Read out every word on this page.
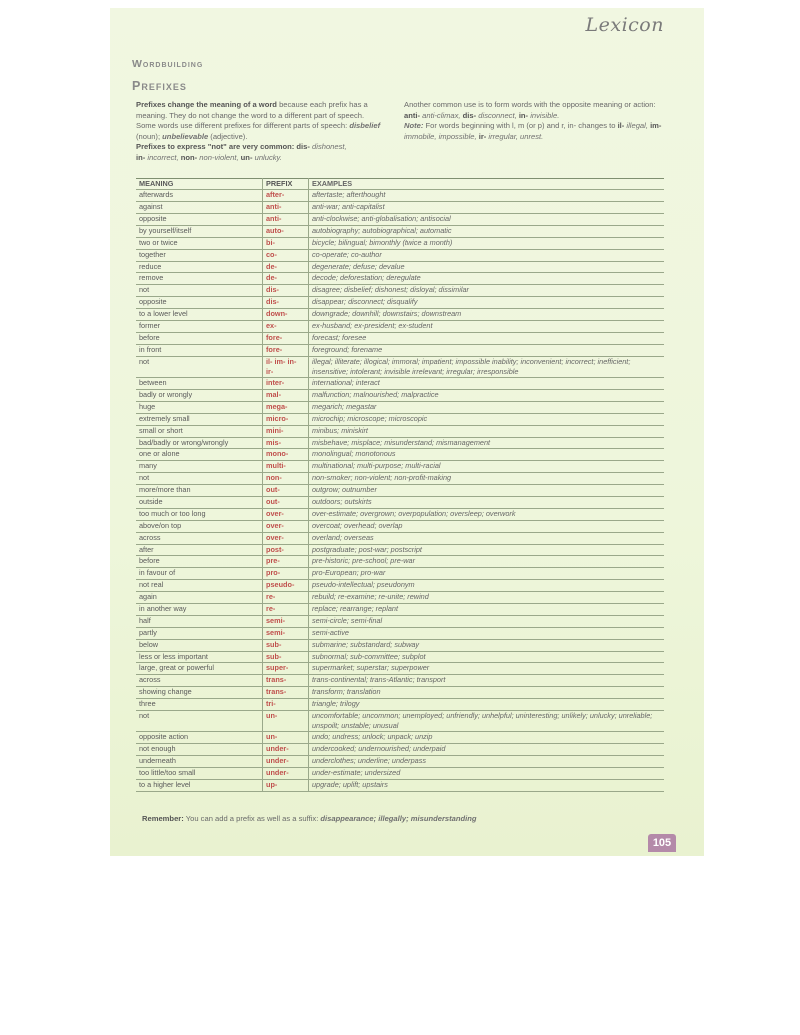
Lexicon
Wordbuilding
Prefixes
Prefixes change the meaning of a word because each prefix has a meaning. They do not change the word to a different part of speech. Some words use different prefixes for different parts of speech: disbelief (noun); unbelievable (adjective).
Prefixes to express "not" are very common: dis- dishonest,
in- incorrect, non- non-violent, un- unlucky.
Another common use is to form words with the opposite meaning or action: anti- anti-climax, dis- disconnect, in- invisible.
Note: For words beginning with l, m (or p) and r, in- changes to il- illegal, im- immobile, impossible, ir- irregular, unrest.
MEANING	PREFIX	EXAMPLES
afterwards	after-	aftertaste; afterthought
against	anti-	anti-war; anti-capitalist
opposite	anti-	anti-clockwise; anti-globalisation; antisocial
by yourself/itself	auto-	autobiography; autobiographical; automatic
two or twice	bi-	bicycle; bilingual; bimonthly (twice a month)
together	co-	co-operate; co-author
reduce	de-	degenerate; defuse; devalue
remove	de-	decode; deforestation; deregulate
not	dis-	disagree; disbelief; dishonest; disloyal; dissimilar
opposite	dis-	disappear; disconnect; disqualify
to a lower level	down-	downgrade; downhill; downstairs; downstream
former	ex-	ex-husband; ex-president; ex-student
before	fore-	forecast; foresee
in front	fore-	foreground; forename
not	il- im- in- ir-	illegal; illiterate; illogical; immoral; impatient; impossible inability; inconvenient; incorrect; inefficient; insensitive; intolerant; invisible irrelevant; irregular; irresponsible
between	inter-	international; interact
badly or wrongly	mal-	malfunction; malnourished; malpractice
huge	mega-	megarich; megastar
extremely small	micro-	microchip; microscope; microscopic
small or short	mini-	minibus; miniskirt
bad/badly or wrong/wrongly	mis-	misbehave; misplace; misunderstand; mismanagement
one or alone	mono-	monolingual; monotonous
many	multi-	multinational; multi-purpose; multi-racial
not	non-	non-smoker; non-violent; non-profit-making
more/more than	out-	outgrow; outnumber
outside	out-	outdoors; outskirts
too much or too long	over-	over-estimate; overgrown; overpopulation; oversleep; overwork
above/on top	over-	overcoat; overhead; overlap
across	over-	overland; overseas
after	post-	postgraduate; post-war; postscript
before	pre-	pre-historic; pre-school; pre-war
in favour of	pro-	pro-European; pro-war
not real	pseudo-	pseudo-intellectual; pseudonym
again	re-	rebuild; re-examine; re-unite; rewind
in another way	re-	replace; rearrange; replant
half	semi-	semi-circle; semi-final
partly	semi-	semi-active
below	sub-	submarine; substandard; subway
less or less important	sub-	subnormal; sub-committee; subplot
large, great or powerful	super-	supermarket; superstar; superpower
across	trans-	trans-continental; trans-Atlantic; transport
showing change	trans-	transform; translation
three	tri-	triangle; trilogy
not	un-	uncomfortable; uncommon; unemployed; unfriendly; unhelpful; uninteresting; unlikely; unlucky; unreliable; unspoilt; unstable; unusual
opposite action	un-	undo; undress; unlock; unpack; unzip
not enough	under-	undercooked; undernourished; underpaid
underneath	under-	underclothes; underline; underpass
too little/too small	under-	under-estimate; undersized
to a higher level	up-	upgrade; uplift; upstairs
Remember: You can add a prefix as well as a suffix: disappearance; illegally; misunderstanding
105
